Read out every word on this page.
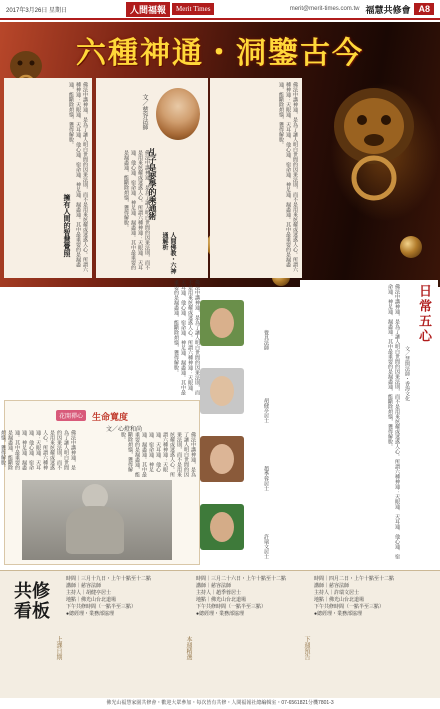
2017年3月26日 星期日	人間福報	Merit Times	merit@merit-times.com.tw 福慧共修會 A8
六種神通・洞鑒古今
佛法中講神通，是為了讓人明白世間的因果法則，而不是用來炫耀或迷惑人心。所謂六種神通：天眼通、天耳通、他心通、宿命通、神足通、漏盡通。其中最重要的是漏盡通，能斷除煩惱，獲得解脫。	佛法中講神通，是為了讓人明白世間的因果法則，而不是用來炫耀或迷惑人心。所謂六種神通：天眼通、天耳通、他心通、宿命通、神足通、漏盡通。其中最重要的是漏盡通，能斷除煩惱，獲得解脫。
佛法中講神通，是為了讓人明白世間的因果法則，而不是用來炫耀或迷惑人心。所謂六種神通：天眼通、天耳通、他心通、宿命通、神足通、漏盡通。其中最重要的是漏盡通，能斷除煩惱，獲得解脫。
文／慈容法師
乩子是要學的乘通術
人間佛教・六神通解析
擁有人間的智慧覺照
佛法中講神通，是為了讓人明白世間的因果法則，而不是用來炫耀或迷惑人心。所謂六種神通：天眼通、天耳通、他心通、宿命通、神足通、漏盡通。其中最重要的是漏盡通，能斷除煩惱，獲得解脫。	覺具法師
胡健亭居士
趙季蓉居士
許瑞文居士	佛法中講神通，是為了讓人明白世間的因果法則，而不是用來炫耀或迷惑人心。所謂六種神通：天眼通、天耳通、他心通、宿命通、神足通、漏盡通。其中最重要的是漏盡通，能斷除煩惱，獲得解脫。	日常五心
文／慧開法師・香海文化
花開禪心 生命寬度
文／心燈和尚
佛法中講神通，是為了讓人明白世間的因果法則，而不是用來炫耀或迷惑人心。所謂六種神通：天眼通、天耳通、他心通、宿命通、神足通、漏盡通。其中最重要的是漏盡通，能斷除煩惱，獲得解脫。	佛法中講神通，是為了讓人明白世間的因果法則，而不是用來炫耀或迷惑人心。所謂六種神通：天眼通、天耳通、他心通、宿命通、神足通、漏盡通。其中最重要的是漏盡通，能斷除煩惱，獲得解脫。
共修看板
上課日期	本週精選	下週預告
時間｜三月十九日・上午十點至十二點
講師｜慈容法師
主持人｜胡健亭居士
地點｜佛光山台北道場
下午共修時間（一點半至三點）
●總經理・業務部協理
時間｜三月二十六日・上午十點至十二點
講師｜慈容法師
主持人｜趙季蓉居士
地點｜佛光山台北道場
下午共修時間（一點半至三點）
●總經理・業務部協理
時間｜四月二日・上午十點至十二點
講師｜慈容法師
主持人｜許瑞文居士
地點｜佛光山台北道場
下午共修時間（一點半至三點）
●總經理・業務部協理
佛光山福慧家園共修會・歡迎大眾參加・每次皆有共修・人間福報社總編輯室・07-6561821分機7801-3
